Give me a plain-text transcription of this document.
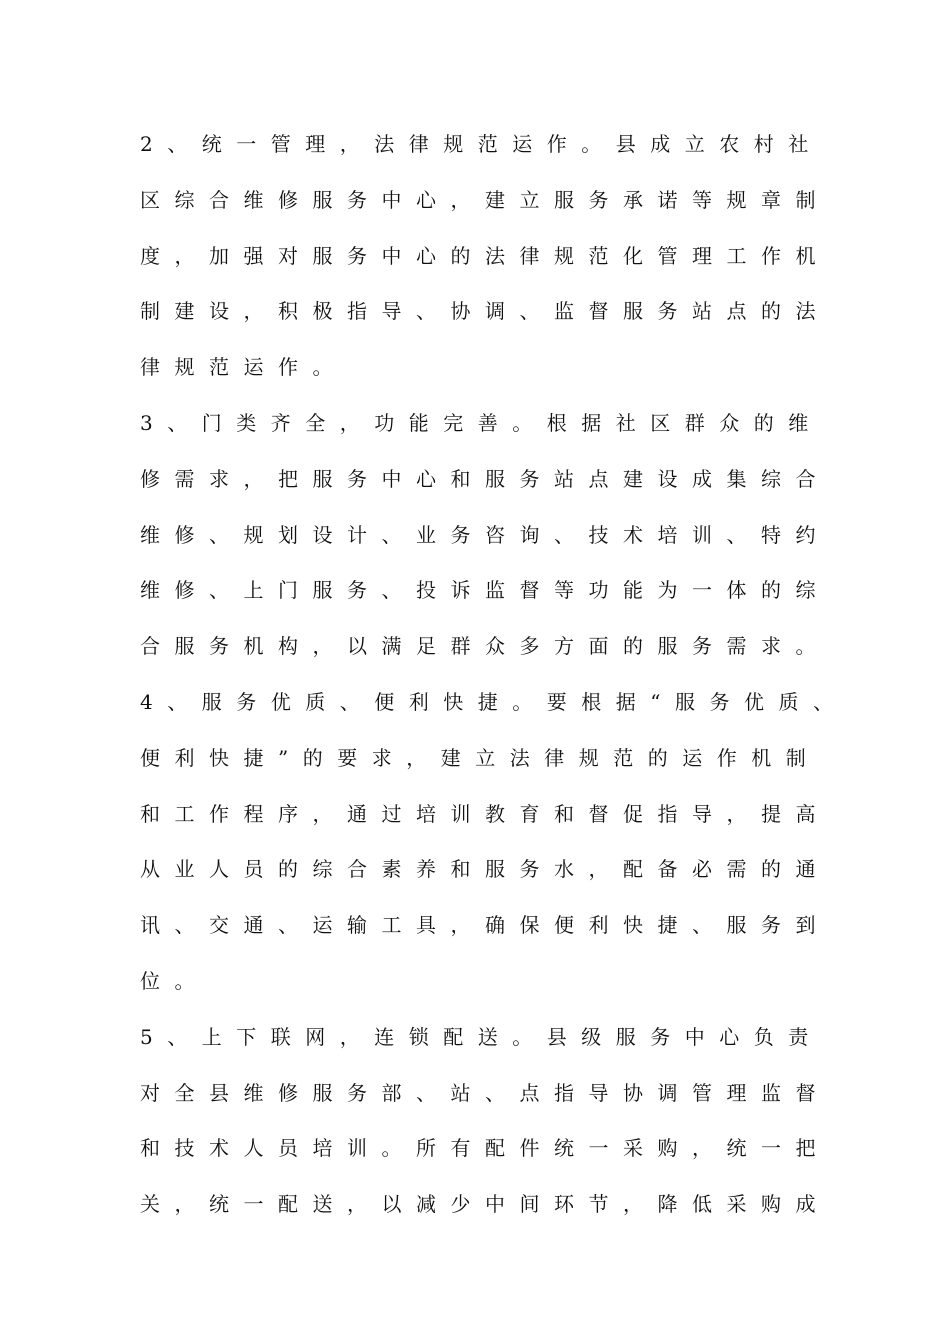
2、统一管理，法律规范运作。县成立农村社
区综合维修服务中心，建立服务承诺等规章制
度，加强对服务中心的法律规范化管理工作机
制建设，积极指导、协调、监督服务站点的法
律规范运作。
3、门类齐全，功能完善。根据社区群众的维
修需求，把服务中心和服务站点建设成集综合
维修、规划设计、业务咨询、技术培训、特约
维修、上门服务、投诉监督等功能为一体的综
合服务机构，以满足群众多方面的服务需求。
4、服务优质、便利快捷。要根据“服务优质、
便利快捷”的要求，建立法律规范的运作机制
和工作程序，通过培训教育和督促指导，提高
从业人员的综合素养和服务水，配备必需的通
讯、交通、运输工具，确保便利快捷、服务到
位。
5、上下联网，连锁配送。县级服务中心负责
对全县维修服务部、站、点指导协调管理监督
和技术人员培训。所有配件统一采购，统一把
关，统一配送，以减少中间环节，降低采购成
